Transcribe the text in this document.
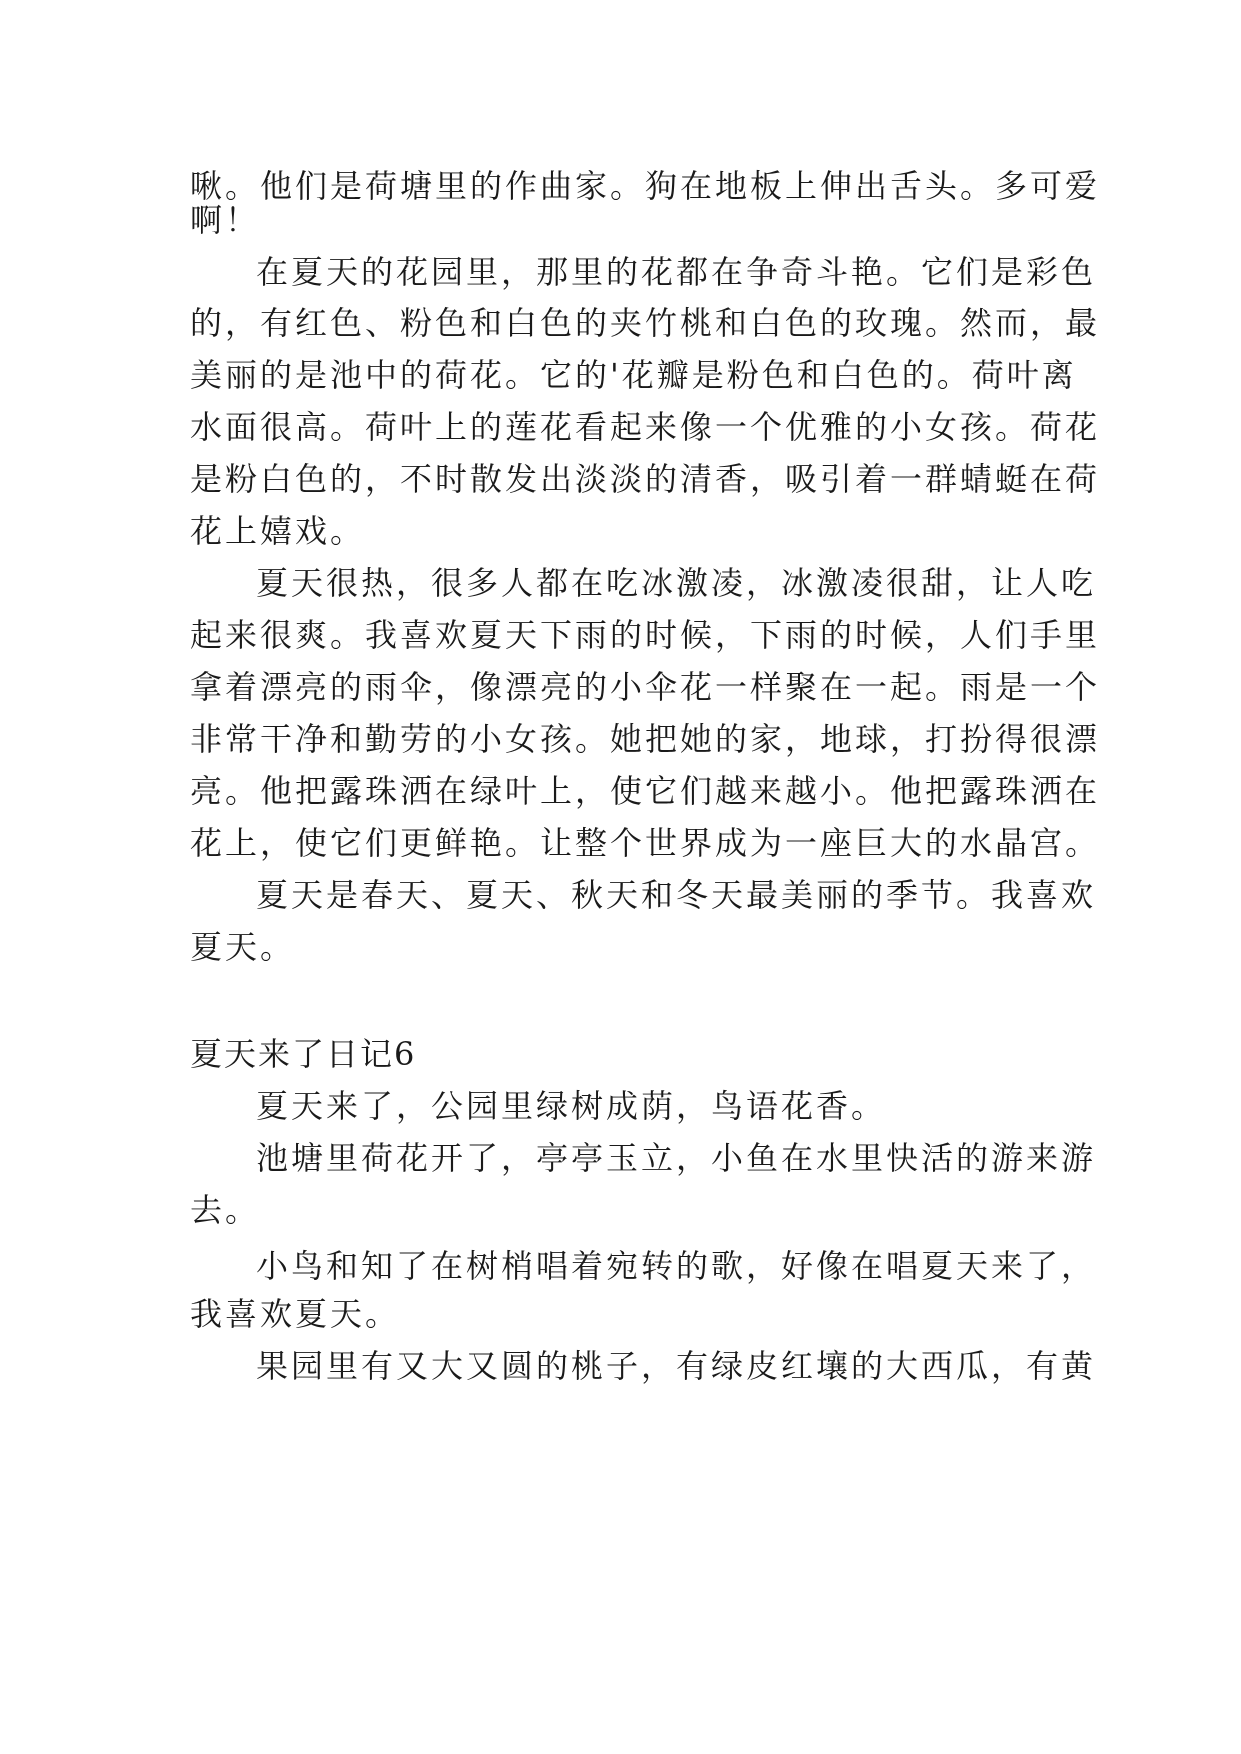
啾。他们是荷塘里的作曲家。狗在地板上伸出舌头。多可爱
啊！
在夏天的花园里，那里的花都在争奇斗艳。它们是彩色
的，有红色、粉色和白色的夹竹桃和白色的玫瑰。然而，最
美丽的是池中的荷花。它的'花瓣是粉色和白色的。荷叶离
水面很高。荷叶上的莲花看起来像一个优雅的小女孩。荷花
是粉白色的，不时散发出淡淡的清香，吸引着一群蜻蜓在荷
花上嬉戏。
夏天很热，很多人都在吃冰激凌，冰激凌很甜，让人吃
起来很爽。我喜欢夏天下雨的时候，下雨的时候，人们手里
拿着漂亮的雨伞，像漂亮的小伞花一样聚在一起。雨是一个
非常干净和勤劳的小女孩。她把她的家，地球，打扮得很漂
亮。他把露珠洒在绿叶上，使它们越来越小。他把露珠洒在
花上，使它们更鲜艳。让整个世界成为一座巨大的水晶宫。
夏天是春天、夏天、秋天和冬天最美丽的季节。我喜欢
夏天。
夏天来了日记6
夏天来了，公园里绿树成荫，鸟语花香。
池塘里荷花开了，亭亭玉立，小鱼在水里快活的游来游
去。
小鸟和知了在树梢唱着宛转的歌，好像在唱夏天来了，
我喜欢夏天。
果园里有又大又圆的桃子，有绿皮红壤的大西瓜，有黄
